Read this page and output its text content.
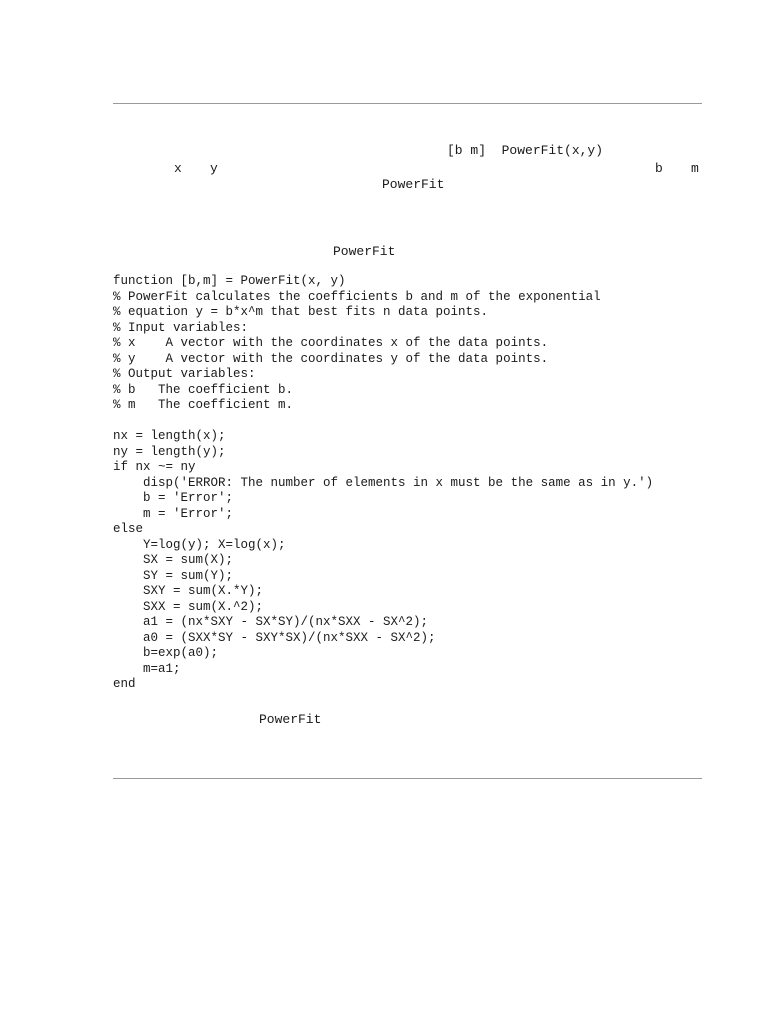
[b m]  PowerFit(x,y)
x y	b m
PowerFit
PowerFit
function [b,m] = PowerFit(x, y)
% PowerFit calculates the coefficients b and m of the exponential
% equation y = b*x^m that best fits n data points.
% Input variables:
% x    A vector with the coordinates x of the data points.
% y    A vector with the coordinates y of the data points.
% Output variables:
% b   The coefficient b.
% m   The coefficient m.
nx = length(x);
ny = length(y);
if nx ~= ny
disp('ERROR: The number of elements in x must be the same as in y.')
b = 'Error';
m = 'Error';
else
Y=log(y); X=log(x);
SX = sum(X);
SY = sum(Y);
SXY = sum(X.*Y);
SXX = sum(X.^2);
a1 = (nx*SXY - SX*SY)/(nx*SXX - SX^2);
a0 = (SXX*SY - SXY*SX)/(nx*SXX - SX^2);
b=exp(a0);
m=a1;
end
PowerFit
